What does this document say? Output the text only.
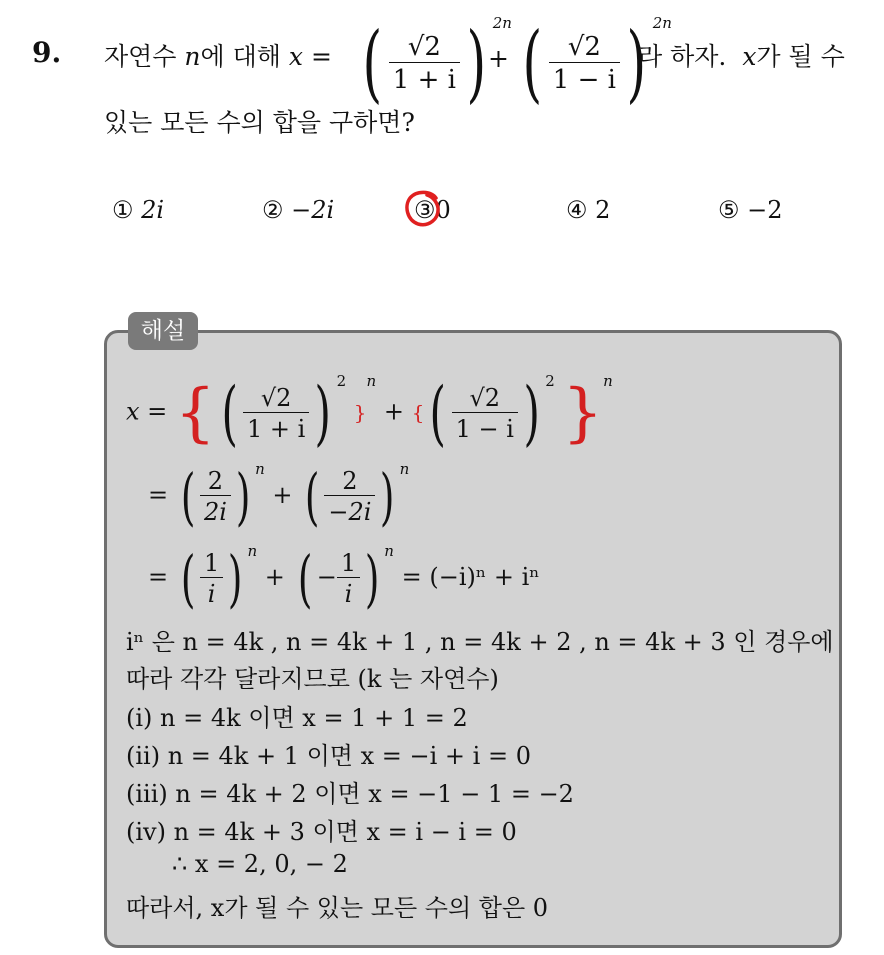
9. 자연수 n에 대해 x = ( $\frac{√2}{1 + i}$ ) $^{2n}$
+ ( $\frac{√2}{1 - i}$ ) $^{2n}$
라 하자. x가 될 수
있는 모든 수의 합을 구하면?
① 2i	② −2i	③0	④ 2	⑤ −2
해설
x = {( $\frac{√2}{1 + i}$ ) $^2$ }$^n$ + {( $\frac{√2}{1 - i}$ ) $^2$ }$^n$
= ( $\frac{2}{2i}$ ) $^n$ + ( $\frac{2}{-2i}$ ) $^n$
= ( $\frac{1}{i}$ ) $^n$ + ( − $\frac{1}{i}$ ) $^n$ = (−i)ⁿ + iⁿ
iⁿ 은 n = 4k , n = 4k + 1 , n = 4k + 2 , n = 4k + 3 인 경우에
따라 각각 달라지므로 (k 는 자연수)
(i) n = 4k 이면 x = 1 + 1 = 2
(ii) n = 4k + 1 이면 x = −i + i = 0
(iii) n = 4k + 2 이면 x = −1 − 1 = −2
(iv) n = 4k + 3 이면 x = i − i = 0
∴ x = 2, 0, − 2
따라서, x가 될 수 있는 모든 수의 합은 0
